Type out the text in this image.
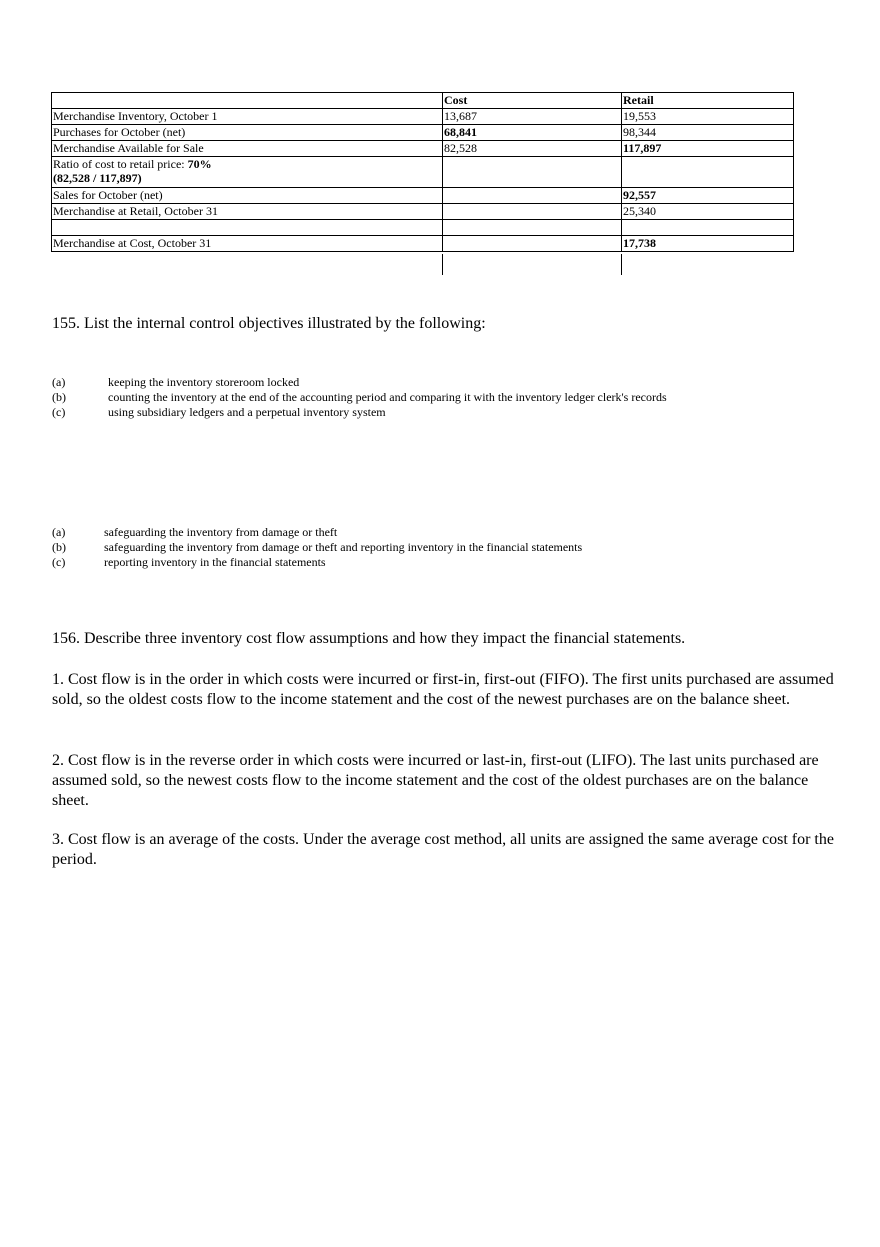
	Cost	Retail
Merchandise Inventory, October 1	13,687	19,553
Purchases for October (net)	68,841	98,344
Merchandise Available for Sale	82,528	117,897

Ratio of cost to retail price: 70%
(82,528 / 117,897)		

Sales for October (net)		92,557
Merchandise at Retail, October 31		25,340

Merchandise at Cost, October 31		17,738

155. List the internal control objectives illustrated by the following:

(a)	keeping the inventory storeroom locked
(b)	counting the inventory at the end of the accounting period and comparing it with the inventory ledger clerk's records
(c)	using subsidiary ledgers and a perpetual inventory system
(a)	safeguarding the inventory from damage or theft
(b)	safeguarding the inventory from damage or theft and reporting inventory in the financial statements
(c)	reporting inventory in the financial statements

156. Describe three inventory cost flow assumptions and how they impact the financial statements.

1. Cost flow is in the order in which costs were incurred or first-in, first-out (FIFO). The first units purchased are assumed sold, so the oldest costs flow to the income statement and the cost of the newest purchases are on the balance sheet.

2. Cost flow is in the reverse order in which costs were incurred or last-in, first-out (LIFO). The last units purchased are assumed sold, so the newest costs flow to the income statement and the cost of the oldest purchases are on the balance sheet.

3. Cost flow is an average of the costs. Under the average cost method, all units are assigned the same average cost for the period.
